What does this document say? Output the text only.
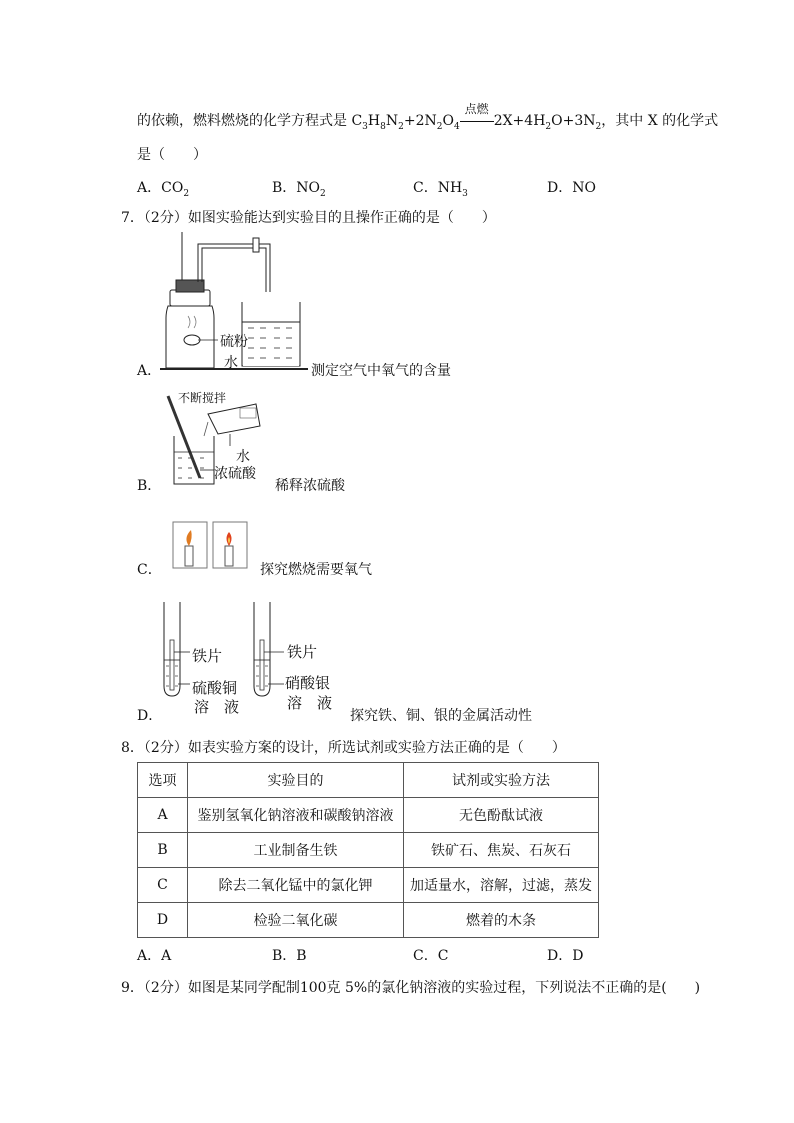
的依赖，燃料燃烧的化学方程式是 $C_3H_8N_2+2N_2O_4$
点燃
$2X+4H_2O+3N_2$，其中 X 的化学式
是（　　）
A．$CO_2$	B．$NO_2$	C．$NH_3$	D．NO
7．（2分）如图实验能达到实验目的且操作正确的是（　　）
A．
硫粉
水	测定空气中氧气的含量
B．
不断搅拌
水
浓硫酸
稀释浓硫酸
C．	探究燃烧需要氧气
D．
铁片
硫酸铜
溶　液
铁片
硝酸银
溶　液
探究铁、铜、银的金属活动性
8．（2分）如表实验方案的设计，所选试剂或实验方法正确的是（　　）
选项	实验目的	试剂或实验方法
A	鉴别氢氧化钠溶液和碳酸钠溶液	无色酚酞试液
B	工业制备生铁	铁矿石、焦炭、石灰石
C	除去二氧化锰中的氯化钾	加适量水，溶解，过滤，蒸发
D	检验二氧化碳	燃着的木条
A．A	B．B	C．C	D．D
9．（2分）如图是某同学配制100克 5%的氯化钠溶液的实验过程，下列说法不正确的是(　　)
